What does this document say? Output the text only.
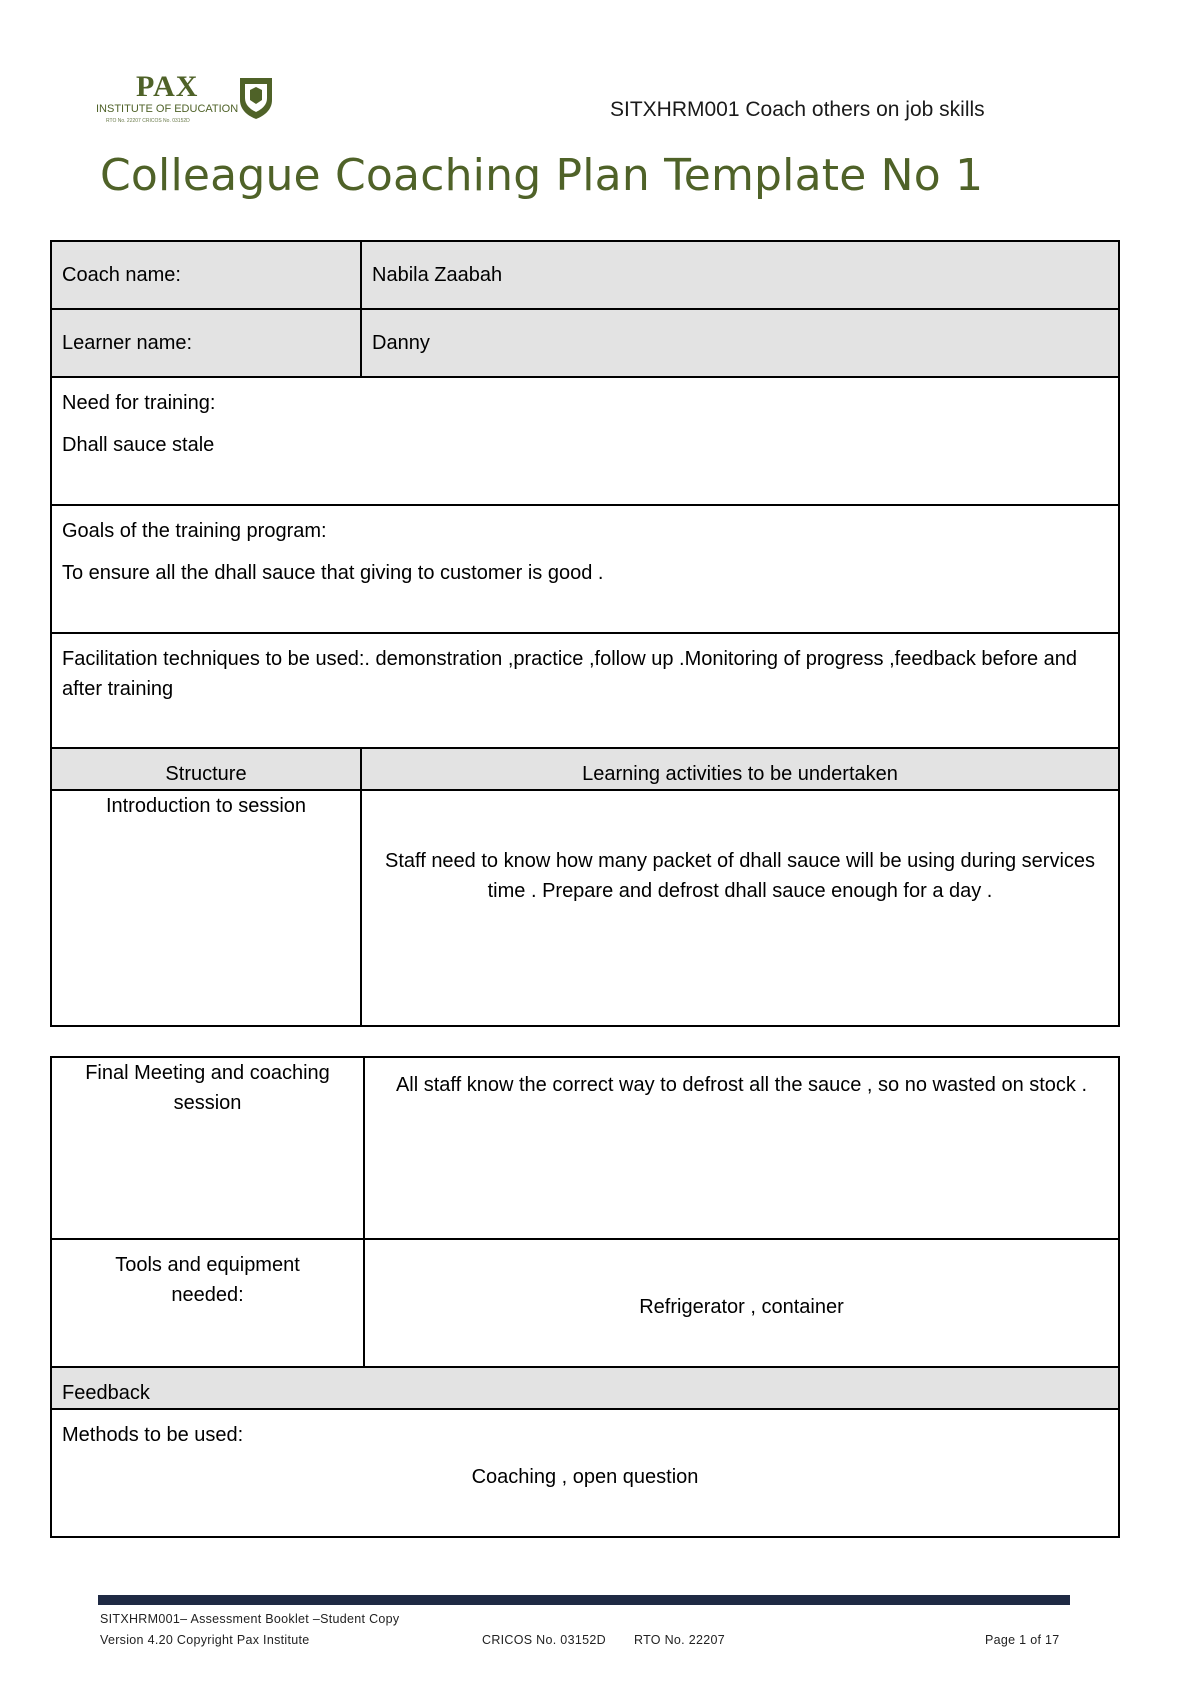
PAX
INSTITUTE OF EDUCATION
RTO No. 22207 CRICOS No. 03152D	SITXHRM001 Coach others on job skills
Colleague Coaching Plan Template No 1
Coach name:	Nabila Zaabah
Learner name:	Danny

Need for training:

Dhall sauce stale	

Goals of the training program:

To ensure all the dhall sauce that giving to customer is good .	

Facilitation techniques to be used:. demonstration ,practice ,follow up .Monitoring of progress ,feedback before and after training	
Structure	Learning activities to be undertaken
Introduction to session	Staff need to know how many packet of dhall sauce will be using during services time . Prepare and defrost dhall sauce enough for a day .
Final Meeting and coaching session	All staff know the correct way to defrost all the sauce , so no wasted on stock .
Tools and equipment needed:	Refrigerator , container
Feedback	

Methods to be used:

Coaching , open question	

SITXHRM001– Assessment Booklet –Student Copy
Version 4.20 Copyright Pax Institute	CRICOS No. 03152D RTO No. 22207	Page 1 of 17
